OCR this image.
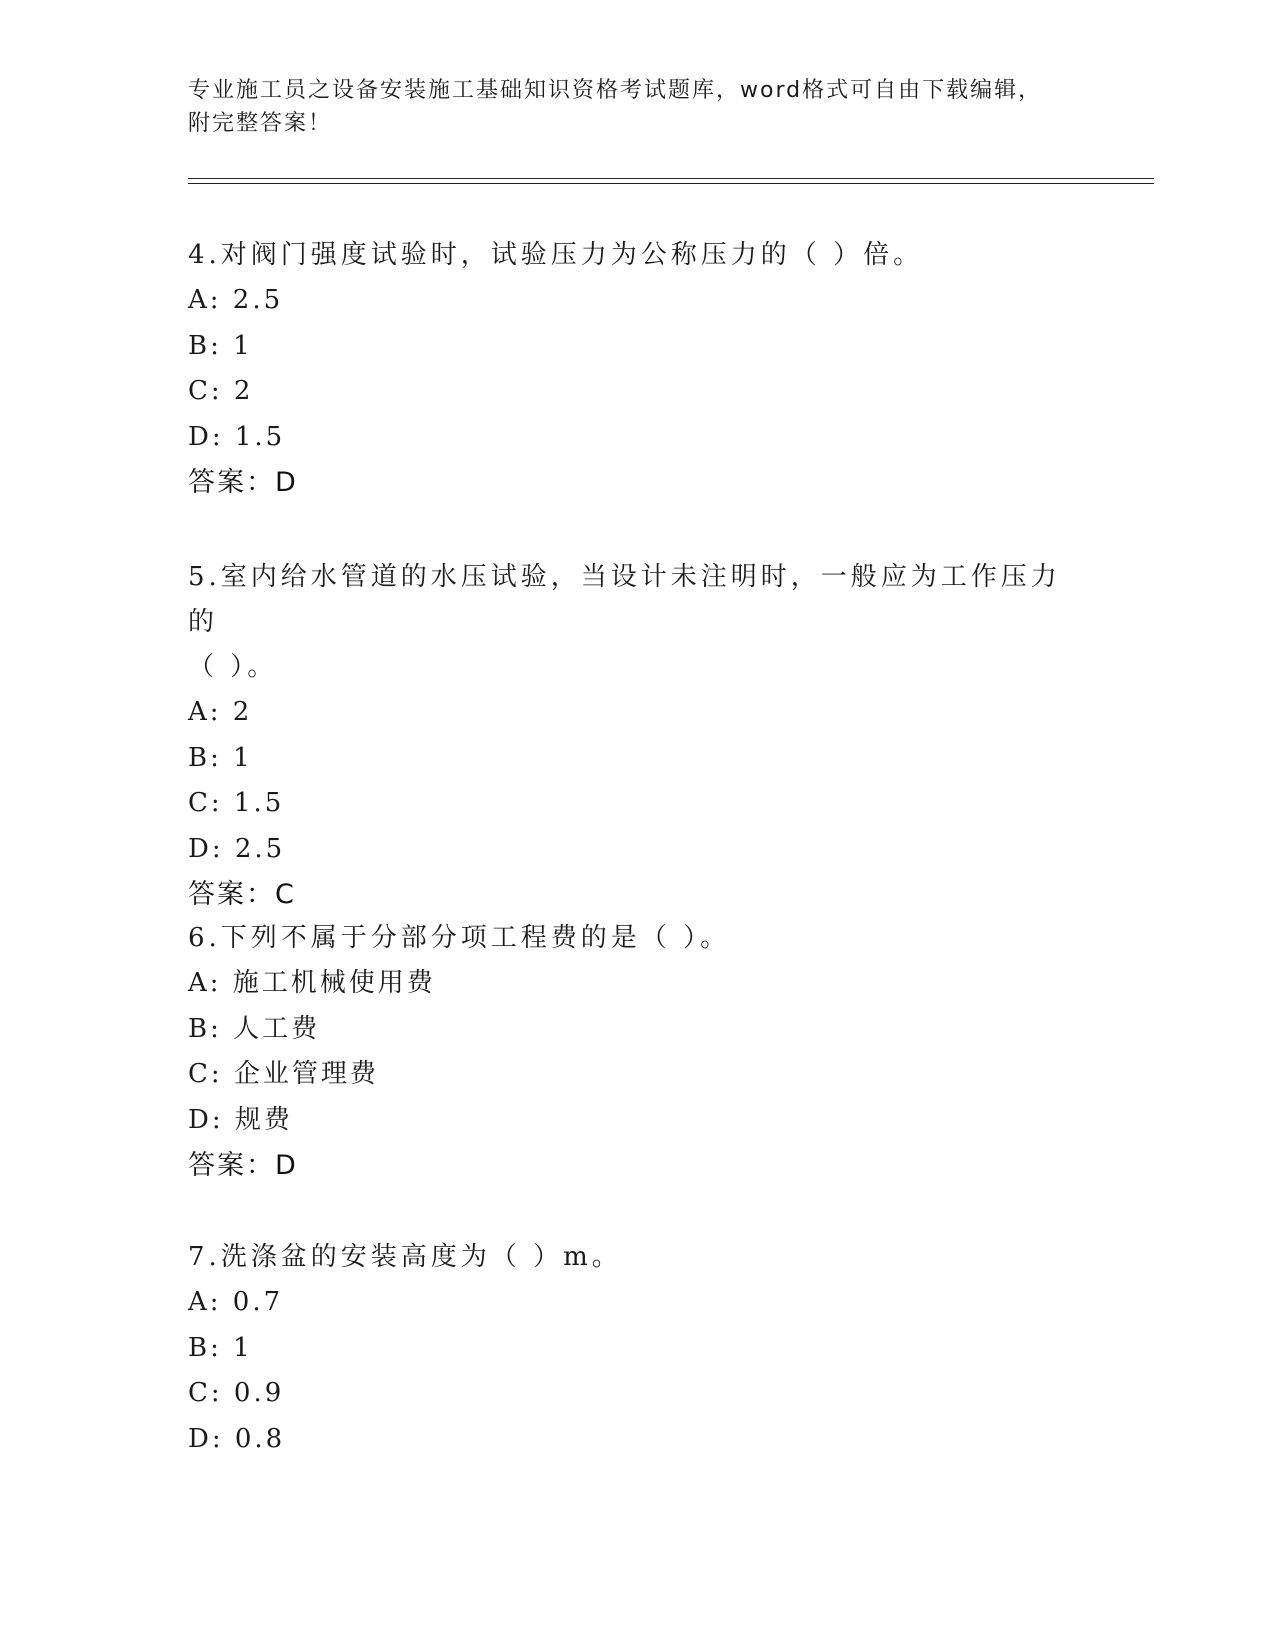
专业施工员之设备安装施工基础知识资格考试题库，word格式可自由下载编辑，
附完整答案！

4.对阀门强度试验时，试验压力为公称压力的（ ）倍。

A: 2.5

B: 1

C: 2

D: 1.5

答案：D

5.室内给水管道的水压试验，当设计未注明时，一般应为工作压力的

（ ）。

A: 2

B: 1

C: 1.5

D: 2.5

答案：C

6.下列不属于分部分项工程费的是（ ）。

A: 施工机械使用费

B: 人工费

C: 企业管理费

D: 规费

答案：D

7.洗涤盆的安装高度为（ ）m。

A: 0.7

B: 1

C: 0.9

D: 0.8
